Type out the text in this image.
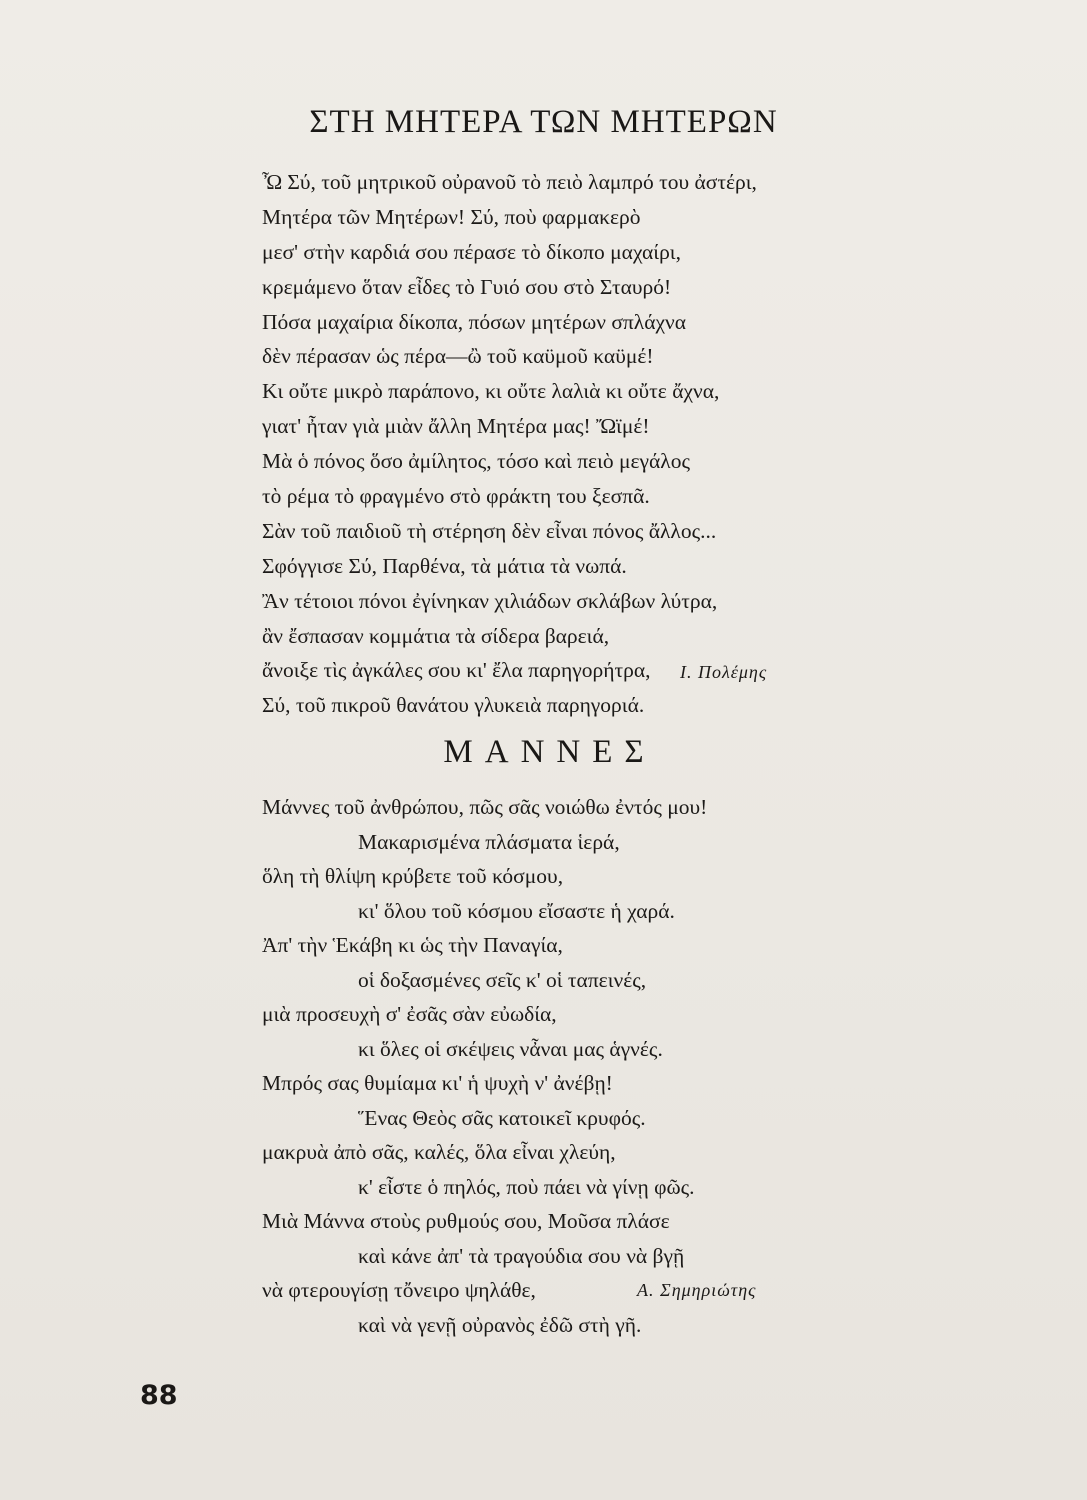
ΣΤΗ ΜΗΤΕΡΑ ΤΩΝ ΜΗΤΕΡΩΝ
Ὦ Σύ, τοῦ μητρικοῦ οὐρανοῦ τὸ πειὸ λαμπρό του ἀστέρι,
Μητέρα τῶν Μητέρων! Σύ, ποὺ φαρμακερὸ
μεσ' στὴν καρδιά σου πέρασε τὸ δίκοπο μαχαίρι,
κρεμάμενο ὅταν εἶδες τὸ Γυιό σου στὸ Σταυρό!
Πόσα μαχαίρια δίκοπα, πόσων μητέρων σπλάχνα
δὲν πέρασαν ὡς πέρα—ὢ τοῦ καϋμοῦ καϋμέ!
Κι οὔτε μικρὸ παράπονο, κι οὔτε λαλιὰ κι οὔτε ἄχνα,
γιατ' ἦταν γιὰ μιὰν ἄλλη Μητέρα μας! Ὤϊμέ!
Μὰ ὁ πόνος ὅσο ἀμίλητος, τόσο καὶ πειὸ μεγάλος
τὸ ρέμα τὸ φραγμένο στὸ φράκτη του ξεσπᾶ.
Σὰν τοῦ παιδιοῦ τὴ στέρηση δὲν εἶναι πόνος ἄλλος...
Σφόγγισε Σύ, Παρθένα, τὰ μάτια τὰ νωπά.
Ἂν τέτοιοι πόνοι ἐγίνηκαν χιλιάδων σκλάβων λύτρα,
ἂν ἔσπασαν κομμάτια τὰ σίδερα βαρειά,
ἄνοιξε τὶς ἀγκάλες σου κι' ἔλα παρηγορήτρα,
Σύ, τοῦ πικροῦ θανάτου γλυκειὰ παρηγοριά.
Ι. Πολέμης
ΜΑΝΝΕΣ
Μάννες τοῦ ἀνθρώπου, πῶς σᾶς νοιώθω ἐντός μου!
Μακαρισμένα πλάσματα ἱερά,
ὅλη τὴ θλίψη κρύβετε τοῦ κόσμου,
κι' ὅλου τοῦ κόσμου εἴσαστε ἡ χαρά.
Ἀπ' τὴν Ἑκάβη κι ὡς τὴν Παναγία,
οἱ δοξασμένες σεῖς κ' οἱ ταπεινές,
μιὰ προσευχὴ σ' ἐσᾶς σὰν εὐωδία,
κι ὅλες οἱ σκέψεις νἆναι μας ἁγνές.
Μπρός σας θυμίαμα κι' ἡ ψυχὴ ν' ἀνέβῃ!
Ἕνας Θεὸς σᾶς κατοικεῖ κρυφός.
μακρυὰ ἀπὸ σᾶς, καλές, ὅλα εἶναι χλεύη,
κ' εἶστε ὁ πηλός, ποὺ πάει νὰ γίνῃ φῶς.
Μιὰ Μάννα στοὺς ρυθμούς σου, Μοῦσα πλάσε
καὶ κάνε ἀπ' τὰ τραγούδια σου νὰ βγῇ
νὰ φτερουγίσῃ τὄνειρο ψηλάθε,
καὶ νὰ γενῇ οὐρανὸς ἐδῶ στὴ γῆ.
Α. Σημηριώτης
88
